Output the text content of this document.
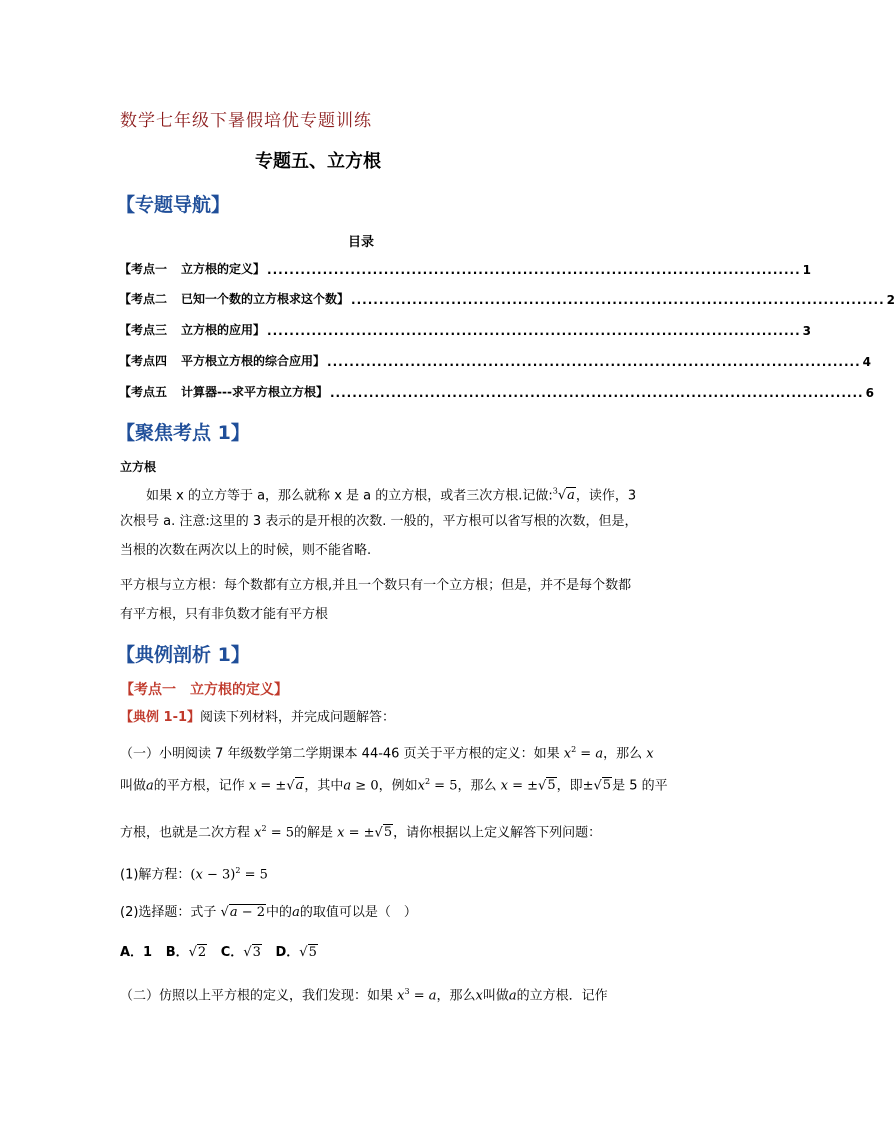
数学七年级下暑假培优专题训练
专题五、立方根
【专题导航】
目录
【考点一 立方根的定义】 ................................................................................................ 1
【考点二 已知一个数的立方根求这个数】 ................................................................................................ 2
【考点三 立方根的应用】 ................................................................................................ 3
【考点四 平方根立方根的综合应用】 ................................................................................................ 4
【考点五 计算器---求平方根立方根】 ................................................................................................ 6
【聚焦考点 1】
立方根
如果 x 的立方等于 a，那么就称 x 是 a 的立方根，或者三次方根.记做:$^3$√a，读作，3
次根号 a. 注意:这里的 3 表示的是开根的次数. 一般的，平方根可以省写根的次数，但是，
当根的次数在两次以上的时候，则不能省略.
平方根与立方根：每个数都有立方根,并且一个数只有一个立方根；但是，并不是每个数都
有平方根，只有非负数才能有平方根
【典例剖析 1】
【考点一　立方根的定义】
【典例 1-1】阅读下列材料，并完成问题解答：
（一）小明阅读 7 年级数学第二学期课本 44-46 页关于平方根的定义：如果 $x^2 = a$，那么 x
叫做a的平方根，记作 x = ±√a，其中a ≥ 0，例如$x^2 = 5$，那么 x = ±√5，即±√5是 5 的平
方根，也就是二次方程 $x^2 = 5$的解是 x = ±√5，请你根据以上定义解答下列问题：
(1)解方程：$(x - 3)^2 = 5$
(2)选择题：式子 √a − 2中的a的取值可以是（　）
A．1 B．√2 C．√3 D．√5
（二）仿照以上平方根的定义，我们发现：如果 $x^3 = a$，那么x叫做a的立方根．记作
